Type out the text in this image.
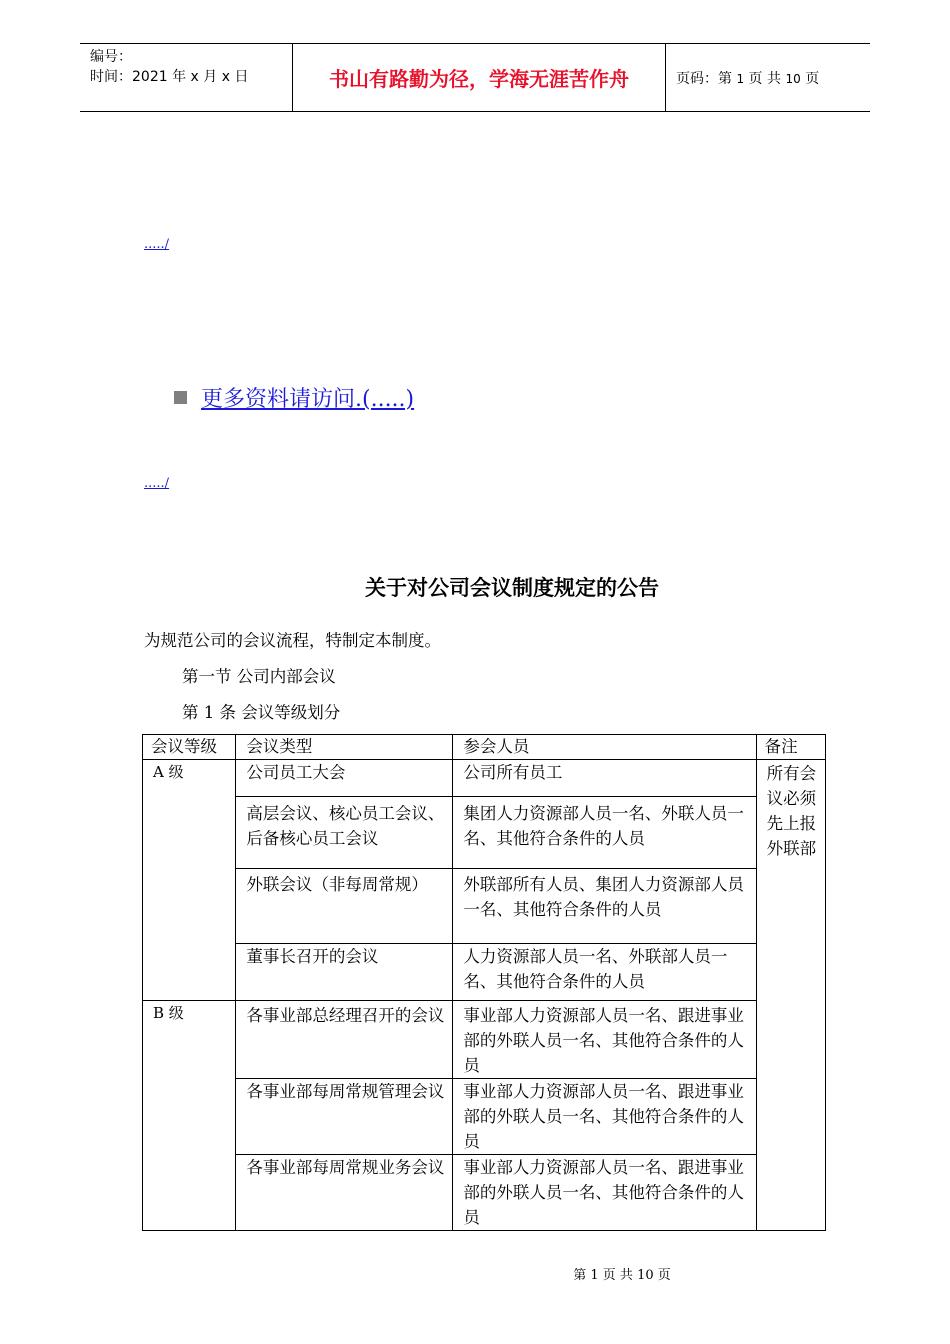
编号：
时间：2021 年 x 月 x 日	书山有路勤为径，学海无涯苦作舟	页码：第 1 页 共 10 页
...../
更多资料请访问.(.....)
...../
关于对公司会议制度规定的公告
为规范公司的会议流程，特制定本制度。
第一节 公司内部会议
第 1 条 会议等级划分
会议等级	会议类型	参会人员	备注
A 级	公司员工大会	公司所有员工	所有会议必须先上报外联部
	高层会议、核心员工会议、后备核心员工会议	集团人力资源部人员一名、外联人员一名、其他符合条件的人员	
	外联会议（非每周常规）	外联部所有人员、集团人力资源部人员一名、其他符合条件的人员	
	董事长召开的会议	人力资源部人员一名、外联部人员一名、其他符合条件的人员	
B 级	各事业部总经理召开的会议	事业部人力资源部人员一名、跟进事业部的外联人员一名、其他符合条件的人员	
	各事业部每周常规管理会议	事业部人力资源部人员一名、跟进事业部的外联人员一名、其他符合条件的人员	
	各事业部每周常规业务会议	事业部人力资源部人员一名、跟进事业部的外联人员一名、其他符合条件的人员	
第 1 页 共 10 页
